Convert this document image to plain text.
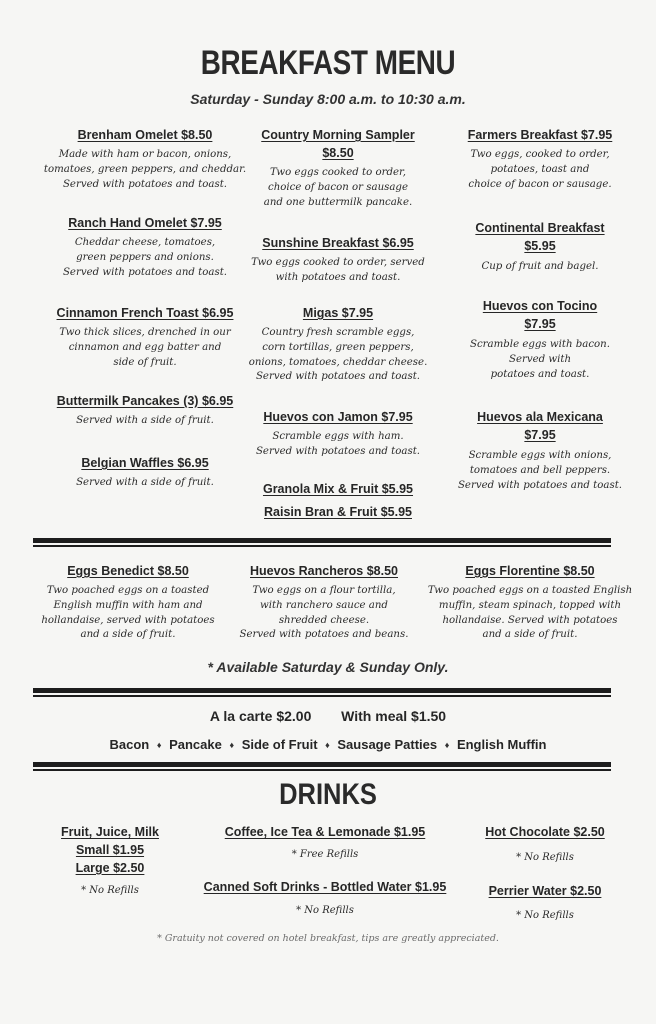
BREAKFAST MENU
Saturday - Sunday 8:00 a.m. to 10:30 a.m.
Brenham Omelet $8.50
Made with ham or bacon, onions,
tomatoes, green peppers, and cheddar.
Served with potatoes and toast.
Ranch Hand Omelet $7.95
Cheddar cheese, tomatoes,
green peppers and onions.
Served with potatoes and toast.
Cinnamon French Toast $6.95
Two thick slices, drenched in our
cinnamon and egg batter and
side of fruit.
Buttermilk Pancakes (3) $6.95
Served with a side of fruit.
Belgian Waffles $6.95
Served with a side of fruit.
Country Morning Sampler
$8.50
Two eggs cooked to order,
choice of bacon or sausage
and one buttermilk pancake.
Sunshine Breakfast $6.95
Two eggs cooked to order, served
with potatoes and toast.
Migas $7.95
Country fresh scramble eggs,
corn tortillas, green peppers,
onions, tomatoes, cheddar cheese.
Served with potatoes and toast.
Huevos con Jamon $7.95
Scramble eggs with ham.
Served with potatoes and toast.
Granola Mix & Fruit $5.95
Raisin Bran & Fruit $5.95
Farmers Breakfast $7.95
Two eggs, cooked to order,
potatoes, toast and
choice of bacon or sausage.
Continental Breakfast
$5.95
Cup of fruit and bagel.
Huevos con Tocino
$7.95
Scramble eggs with bacon.
Served with
potatoes and toast.
Huevos ala Mexicana
$7.95
Scramble eggs with onions,
tomatoes and bell peppers.
Served with potatoes and toast.
Eggs Benedict $8.50
Two poached eggs on a toasted
English muffin with ham and
hollandaise, served with potatoes
and a side of fruit.
Huevos Rancheros $8.50
Two eggs on a flour tortilla,
with ranchero sauce and
shredded cheese.
Served with potatoes and beans.
Eggs Florentine $8.50
Two poached eggs on a toasted English
muffin, steam spinach, topped with
hollandaise. Served with potatoes
and a side of fruit.
* Available Saturday & Sunday Only.
A la carte $2.00 With meal $1.50
Bacon ♦ Pancake ♦ Side of Fruit ♦ Sausage Patties ♦ English Muffin
DRINKS
Fruit, Juice, Milk
Small $1.95
Large $2.50
* No Refills
Coffee, Ice Tea & Lemonade $1.95
* Free Refills
Canned Soft Drinks - Bottled Water $1.95
* No Refills
Hot Chocolate $2.50
* No Refills
Perrier Water $2.50
* No Refills
* Gratuity not covered on hotel breakfast, tips are greatly appreciated.
